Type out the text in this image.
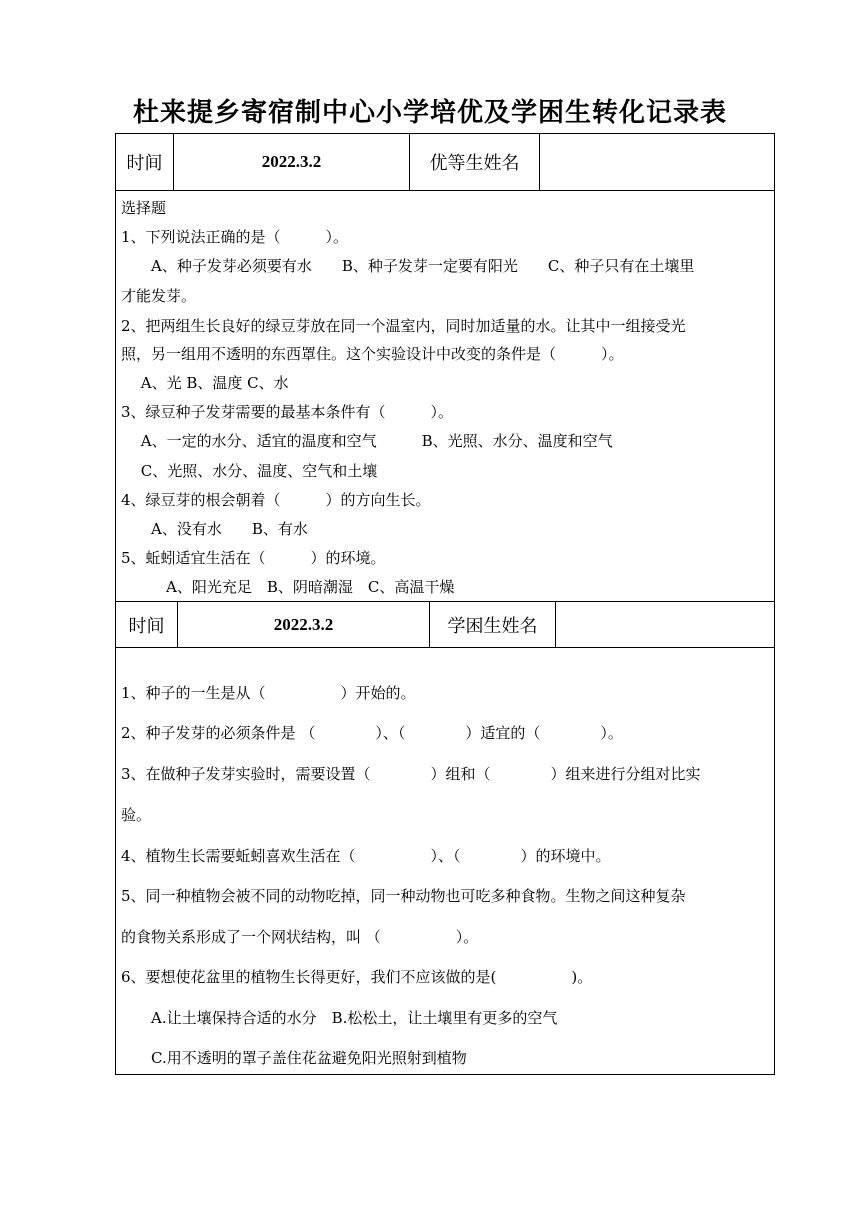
杜来提乡寄宿制中心小学培优及学困生转化记录表
时间	2022.3.2	优等生姓名
选择题
1、下列说法正确的是（　　　）。
　　A、种子发芽必须要有水　　B、种子发芽一定要有阳光　　C、种子只有在土壤里
才能发芽。
2、把两组生长良好的绿豆芽放在同一个温室内，同时加适量的水。让其中一组接受光
照，另一组用不透明的东西罩住。这个实验设计中改变的条件是（　　　）。
　 A、光 B、温度 C、水
3、绿豆种子发芽需要的最基本条件有（　　　）。
　 A、一定的水分、适宜的温度和空气　　　B、光照、水分、温度和空气
　 C、光照、水分、温度、空气和土壤
4、绿豆芽的根会朝着（　　　）的方向生长。
　　A、没有水　　B、有水
5、蚯蚓适宜生活在（　　　）的环境。
　　　A、阳光充足　B、阴暗潮湿　C、高温干燥
时间	2022.3.2	学困生姓名
1、种子的一生是从（　　　　　）开始的。
2、种子发芽的必须条件是 （　　　　）、（　　　　）适宜的（　　　　）。
3、在做种子发芽实验时，需要设置（　　　　）组和（　　　　）组来进行分组对比实
验。
4、植物生长需要蚯蚓喜欢生活在（　　　　　）、（　　　　）的环境中。
5、同一种植物会被不同的动物吃掉，同一种动物也可吃多种食物。生物之间这种复杂
的食物关系形成了一个网状结构，叫 （　　　　　）。
6、要想使花盆里的植物生长得更好，我们不应该做的是(　　　　　)。
　　A.让土壤保持合适的水分　B.松松土，让土壤里有更多的空气
　　C.用不透明的罩子盖住花盆避免阳光照射到植物
